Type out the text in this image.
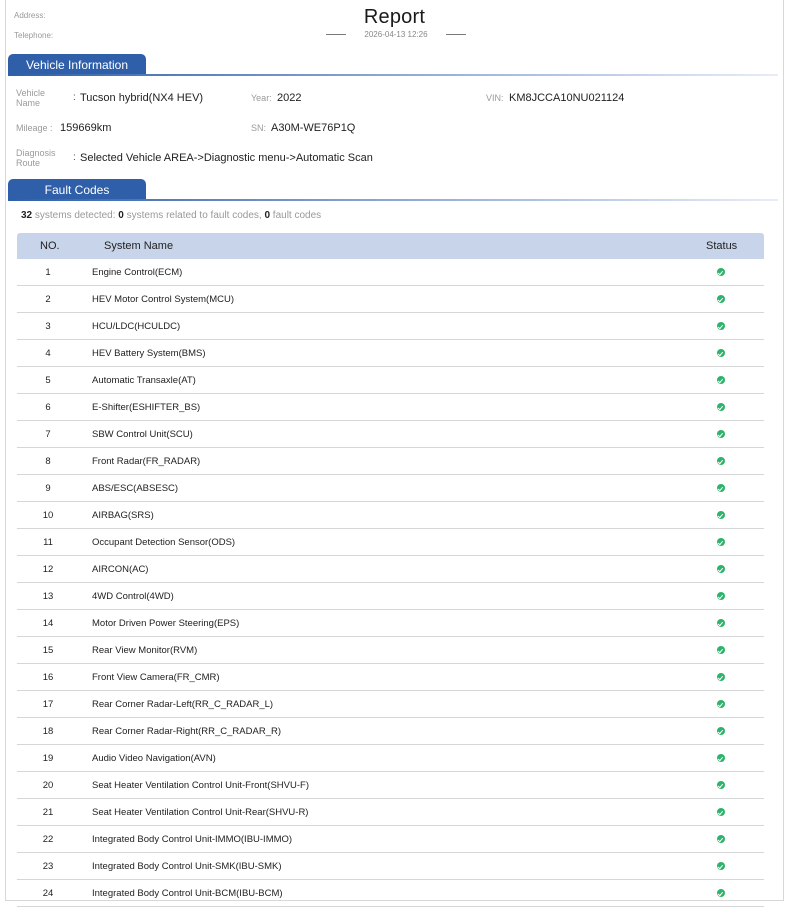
Address:
Telephone:
Report
2026-04-13 12:26
Vehicle Information
Vehicle
Name	: Tucson hybrid(NX4 HEV)	Year: 2022	VIN: KM8JCCA10NU021124
Mileage : 159669km	SN: A30M-WE76P1Q
Diagnosis
Route	: Selected Vehicle AREA->Diagnostic menu->Automatic Scan
Fault Codes
32 systems detected: 0 systems related to fault codes, 0 fault codes
NO.	System Name	Status
1	Engine Control(ECM)
2	HEV Motor Control System(MCU)
3	HCU/LDC(HCULDC)
4	HEV Battery System(BMS)
5	Automatic Transaxle(AT)
6	E-Shifter(ESHIFTER_BS)
7	SBW Control Unit(SCU)
8	Front Radar(FR_RADAR)
9	ABS/ESC(ABSESC)
10	AIRBAG(SRS)
11	Occupant Detection Sensor(ODS)
12	AIRCON(AC)
13	4WD Control(4WD)
14	Motor Driven Power Steering(EPS)
15	Rear View Monitor(RVM)
16	Front View Camera(FR_CMR)
17	Rear Corner Radar-Left(RR_C_RADAR_L)
18	Rear Corner Radar-Right(RR_C_RADAR_R)
19	Audio Video Navigation(AVN)
20	Seat Heater Ventilation Control Unit-Front(SHVU-F)
21	Seat Heater Ventilation Control Unit-Rear(SHVU-R)
22	Integrated Body Control Unit-IMMO(IBU-IMMO)
23	Integrated Body Control Unit-SMK(IBU-SMK)
24	Integrated Body Control Unit-BCM(IBU-BCM)
